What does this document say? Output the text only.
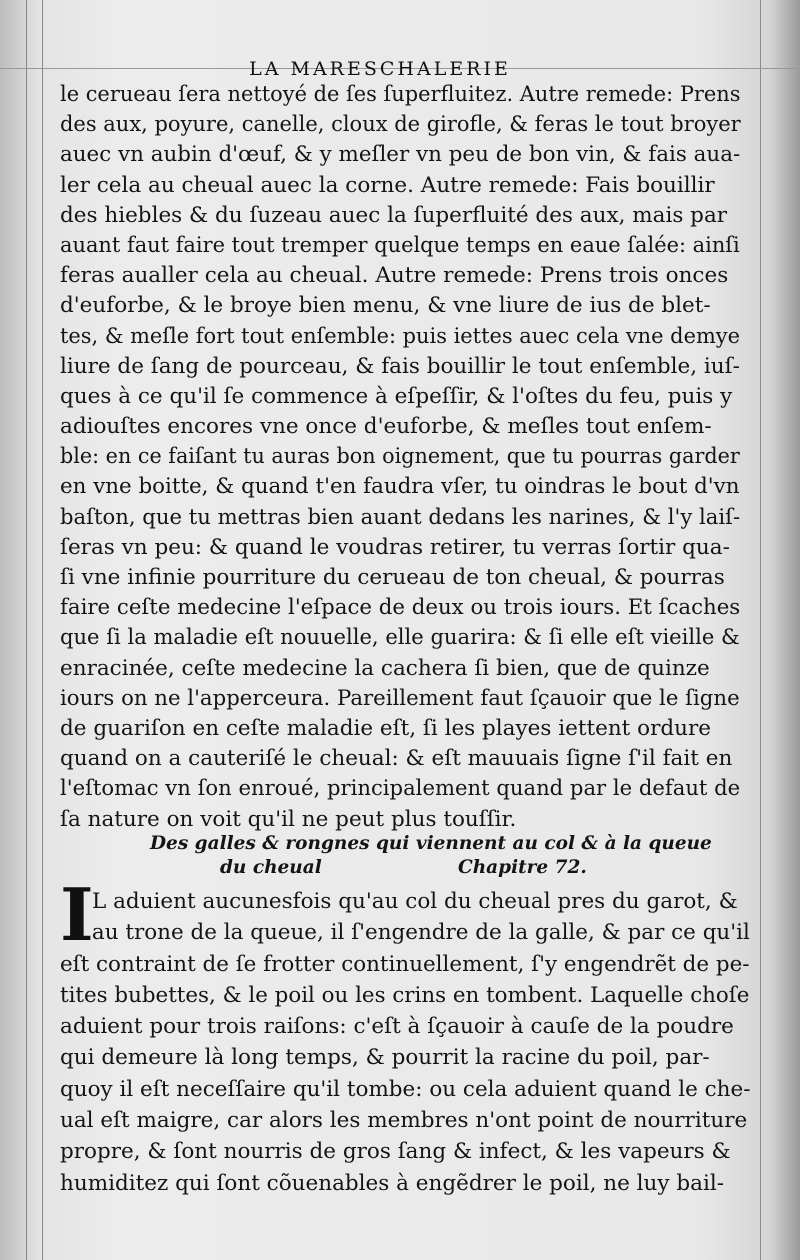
LA MARESCHALERIE
le cerueau ſera nettoyé de ſes ſuperfluitez. Autre remede: Prens
des aux, poyure, canelle, cloux de girofle, & feras le tout broyer
auec vn aubin d'œuf, & y meſler vn peu de bon vin, & fais aua-
ler cela au cheual auec la corne. Autre remede: Fais bouillir
des hiebles & du ſuzeau auec la ſuperfluité des aux, mais par
auant faut faire tout tremper quelque temps en eaue ſalée: ainſi
feras aualler cela au cheual. Autre remede: Prens trois onces
d'euforbe, & le broye bien menu, & vne liure de ius de blet-
tes, & meſle fort tout enſemble: puis iettes auec cela vne demye
liure de ſang de pourceau, & fais bouillir le tout enſemble, iuſ-
ques à ce qu'il ſe commence à eſpeſſir, & l'oſtes du feu, puis y
adiouſtes encores vne once d'euforbe, & meſles tout enſem-
ble: en ce faiſant tu auras bon oignement, que tu pourras garder
en vne boitte, & quand t'en faudra vſer, tu oindras le bout d'vn
baſton, que tu mettras bien auant dedans les narines, & l'y laiſ-
ſeras vn peu: & quand le voudras retirer, tu verras ſortir qua-
ſi vne infinie pourriture du cerueau de ton cheual, & pourras
faire ceſte medecine l'eſpace de deux ou trois iours. Et ſcaches
que ſi la maladie eſt nouuelle, elle guarira: & ſi elle eſt vieille &
enracinée, ceſte medecine la cachera ſi bien, que de quinze
iours on ne l'apperceura. Pareillement faut ſçauoir que le ſigne
de guariſon en ceſte maladie eſt, ſi les playes iettent ordure
quand on a cauteriſé le cheual: & eſt mauuais ſigne ſ'il fait en
l'eſtomac vn ſon enroué, principalement quand par le defaut de
ſa nature on voit qu'il ne peut plus touſſir.
Des galles & rongnes qui viennent au col & à la queue
du cheual	Chapitre 72.
I
L aduient aucunesfois qu'au col du cheual pres du garot, &
au trone de la queue, il ſ'engendre de la galle, & par ce qu'il
eſt contraint de ſe frotter continuellement, ſ'y engendrẽt de pe-
tites bubettes, & le poil ou les crins en tombent. Laquelle choſe
aduient pour trois raiſons: c'eſt à ſçauoir à cauſe de la poudre
qui demeure là long temps, & pourrit la racine du poil, par-
quoy il eſt neceſſaire qu'il tombe: ou cela aduient quand le che-
ual eſt maigre, car alors les membres n'ont point de nourriture
propre, & ſont nourris de gros ſang & infect, & les vapeurs &
humiditez qui ſont cõuenables à engẽdrer le poil, ne luy bail-
